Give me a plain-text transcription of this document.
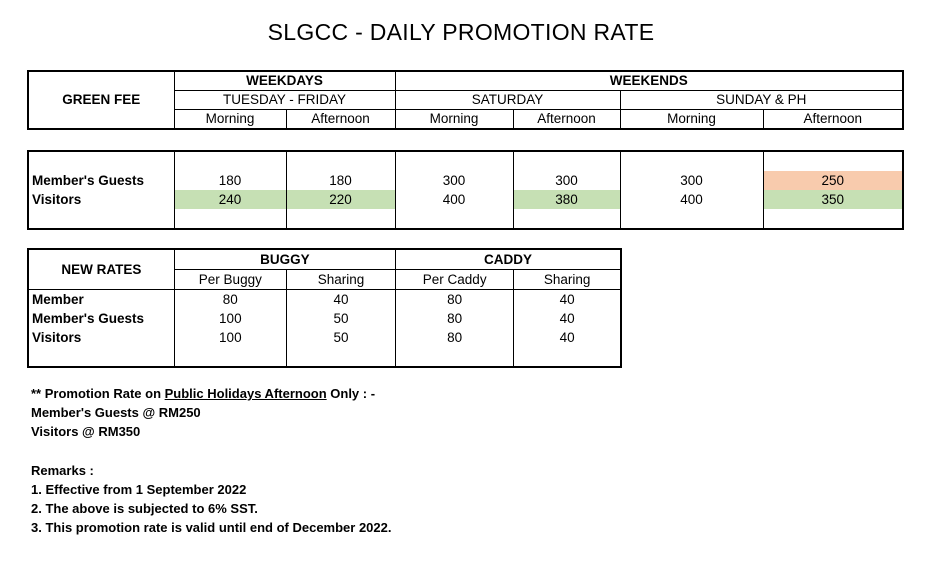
SLGCC - DAILY PROMOTION RATE
GREEN FEE	WEEKDAYS		WEEKENDS			
	TUESDAY - FRIDAY		SATURDAY		SUNDAY & PH	
	Morning	Afternoon	Morning	Afternoon	Morning	Afternoon

Member's Guests	180	180	300	300	300	250
Visitors	240	220	400	380	400	350

NEW RATES	BUGGY		CADDY	
	Per Buggy	Sharing	Per Caddy	Sharing
Member	80	40	80	40
Member's Guests	100	50	80	40
Visitors	100	50	80	40

** Promotion Rate on Public Holidays Afternoon Only : -
Member's Guests @ RM250
Visitors @ RM350
Remarks :
1. Effective from 1 September 2022
2. The above is subjected to 6% SST.
3. This promotion rate is valid until end of December 2022.
